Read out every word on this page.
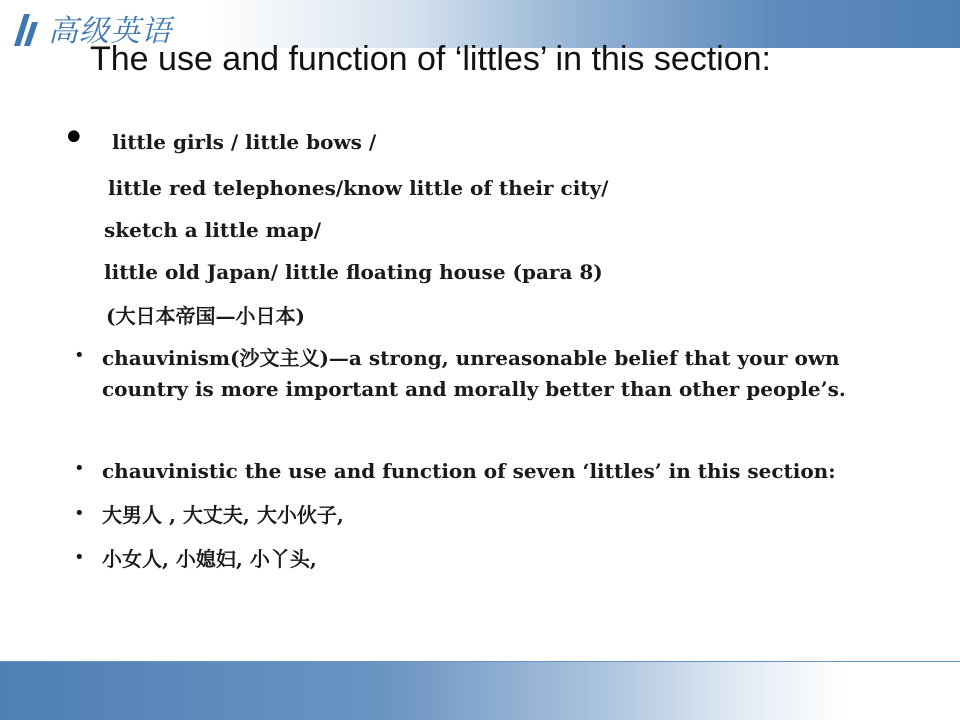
高级英语
The use and function of ‘littles’ in this section:
• little girls / little bows /
little red telephones/know little of their city/
sketch a little map/
little old Japan/ little floating house (para 8)
(大日本帝国—小日本)
• chauvinism(沙文主义)—a strong, unreasonable belief that your own country is more important and morally better than other people’s.
• chauvinistic the use and function of seven ‘littles’ in this section:
• 大男人 , 大丈夫, 大小伙子,
• 小女人, 小媳妇, 小丫头,
